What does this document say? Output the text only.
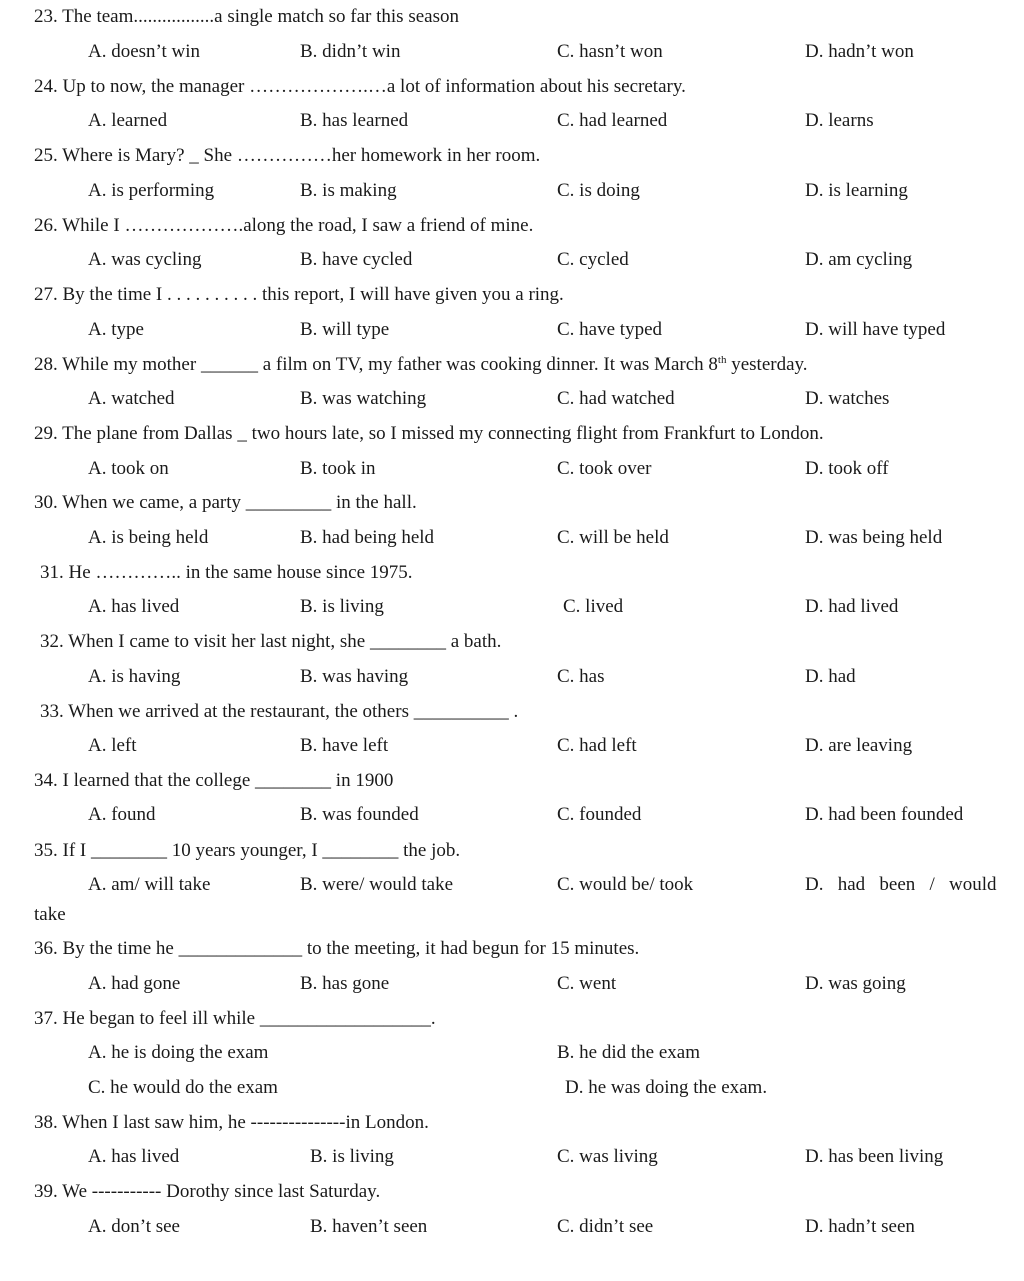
23. The team.................a single match so far this season
A. doesn’t win	B. didn’t win	C. hasn’t won	D. hadn’t won
24. Up to now, the manager ……………….…a lot of information about his secretary.
A. learned	B. has learned	C. had learned	D. learns
25. Where is Mary? _ She ……………her homework in her room.
A. is performing	B. is making	C. is doing	D. is learning
26. While I ……………….along the road, I saw a friend of mine.
A. was cycling	B. have cycled	C. cycled	D. am cycling
27. By the time I . . . . . . . . . . this report, I will have given you a ring.
A. type	B. will type	C. have typed	D. will have typed
28. While my mother ______ a film on TV, my father was cooking dinner. It was March 8th yesterday.
A. watched	B. was watching	C. had watched	D. watches
29. The plane from Dallas _ two hours late, so I missed my connecting flight from Frankfurt to London.
A. took on	B. took in	C. took over	D. took off
30. When we came, a party _________ in the hall.
A. is being held	B. had being held	C. will be held	D. was being held
31. He ………….. in the same house since 1975.
A. has lived	B. is living	C. lived	D. had lived
32. When I came to visit her last night, she ________ a bath.
A. is having	B. was having	C. has	D. had
33. When we arrived at the restaurant, the others __________ .
A. left	B. have left	C. had left	D. are leaving
34. I learned that the college ________ in 1900
A. found	B. was founded	C. founded	D. had been founded
35. If I ________ 10 years younger, I ________ the job.
A. am/ will take	B. were/ would take	C. would be/ took	D.   had   been   /   would
take
36. By the time he _____________ to the meeting, it had begun for 15 minutes.
A. had gone	B. has gone	C. went	D. was going
37. He began to feel ill while __________________.
A. he is doing the exam	B. he did the exam
C. he would do the exam	D. he was doing the exam.
38. When I last saw him, he ---------------in London.
A. has lived	B. is living	C. was living	D. has been living
39. We ----------- Dorothy since last Saturday.
A. don’t see	B. haven’t seen	C. didn’t see	D. hadn’t seen
